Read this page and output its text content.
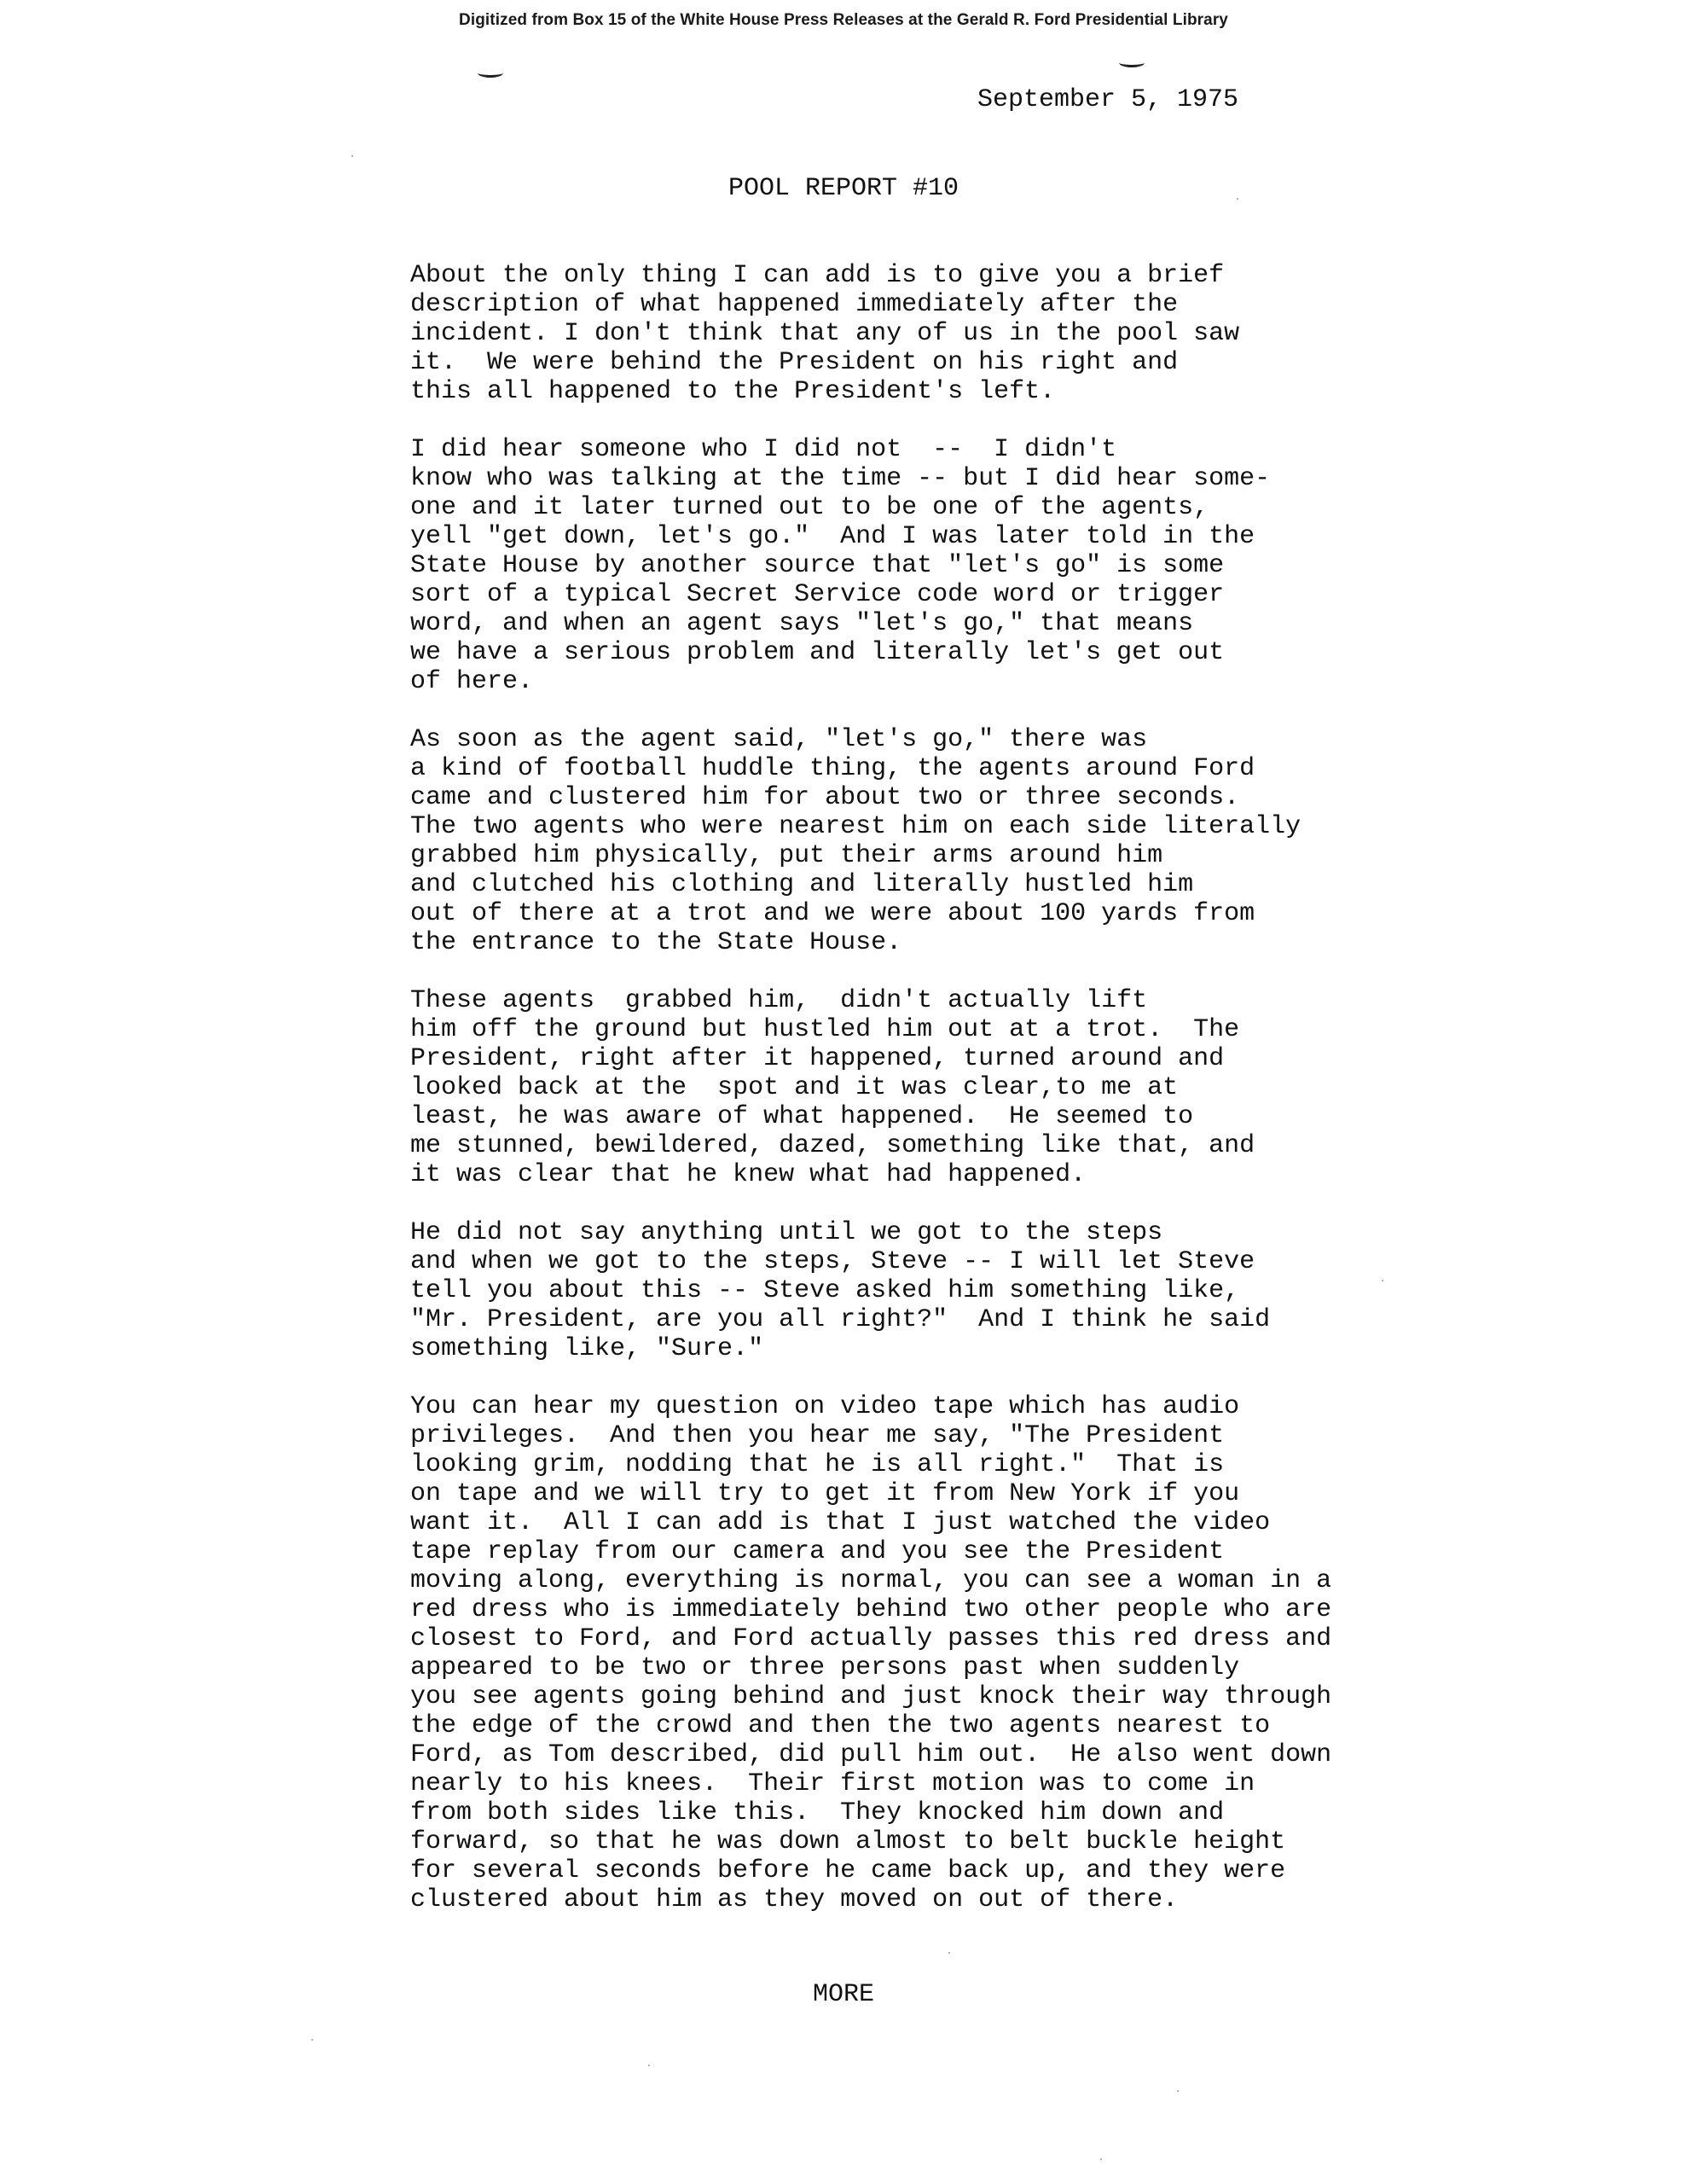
Digitized from Box 15 of the White House Press Releases at the Gerald R. Ford Presidential Library
September 5, 1975
POOL REPORT #10
About the only thing I can add is to give you a brief
description of what happened immediately after the
incident. I don't think that any of us in the pool saw
it.  We were behind the President on his right and
this all happened to the President's left.
I did hear someone who I did not  --  I didn't
know who was talking at the time -- but I did hear some-
one and it later turned out to be one of the agents,
yell "get down, let's go."  And I was later told in the
State House by another source that "let's go" is some
sort of a typical Secret Service code word or trigger
word, and when an agent says "let's go," that means
we have a serious problem and literally let's get out
of here.
As soon as the agent said, "let's go," there was
a kind of football huddle thing, the agents around Ford
came and clustered him for about two or three seconds.
The two agents who were nearest him on each side literally
grabbed him physically, put their arms around him
and clutched his clothing and literally hustled him
out of there at a trot and we were about 100 yards from
the entrance to the State House.
These agents  grabbed him,  didn't actually lift
him off the ground but hustled him out at a trot.  The
President, right after it happened, turned around and
looked back at the  spot and it was clear,to me at
least, he was aware of what happened.  He seemed to
me stunned, bewildered, dazed, something like that, and
it was clear that he knew what had happened.
He did not say anything until we got to the steps
and when we got to the steps, Steve -- I will let Steve
tell you about this -- Steve asked him something like,
"Mr. President, are you all right?"  And I think he said
something like, "Sure."
You can hear my question on video tape which has audio
privileges.  And then you hear me say, "The President
looking grim, nodding that he is all right."  That is
on tape and we will try to get it from New York if you
want it.  All I can add is that I just watched the video
tape replay from our camera and you see the President
moving along, everything is normal, you can see a woman in a
red dress who is immediately behind two other people who are
closest to Ford, and Ford actually passes this red dress and
appeared to be two or three persons past when suddenly
you see agents going behind and just knock their way through
the edge of the crowd and then the two agents nearest to
Ford, as Tom described, did pull him out.  He also went down
nearly to his knees.  Their first motion was to come in
from both sides like this.  They knocked him down and
forward, so that he was down almost to belt buckle height
for several seconds before he came back up, and they were
clustered about him as they moved on out of there.
MORE
